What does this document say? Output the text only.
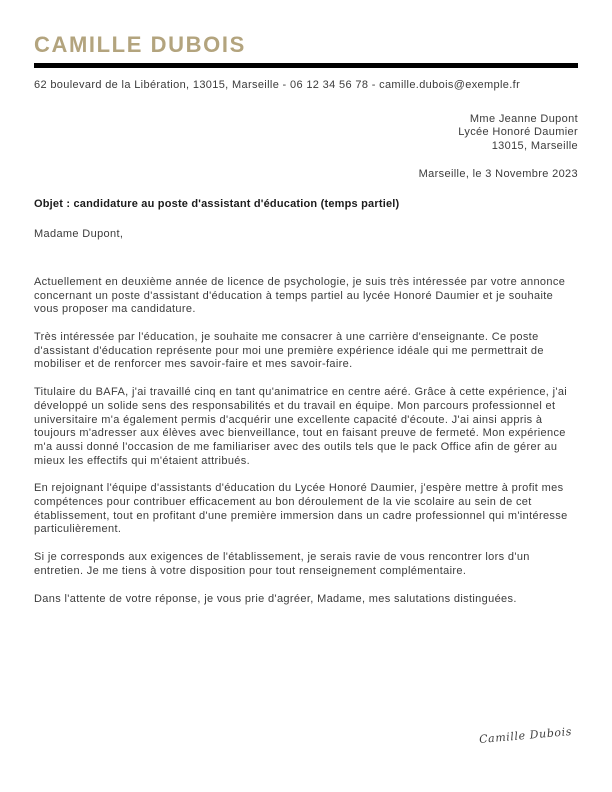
CAMILLE DUBOIS
62 boulevard de la Libération, 13015, Marseille - 06 12 34 56 78 - camille.dubois@exemple.fr
Mme Jeanne Dupont
Lycée Honoré Daumier
13015, Marseille
Marseille, le 3 Novembre 2023

Objet : candidature au poste d'assistant d'éducation (temps partiel)

Madame Dupont,

Actuellement en deuxième année de licence de psychologie, je suis très intéressée par votre annonce concernant un poste d'assistant d'éducation à temps partiel au lycée Honoré Daumier et je souhaite vous proposer ma candidature.

Très intéressée par l'éducation, je souhaite me consacrer à une carrière d'enseignante. Ce poste d'assistant d'éducation représente pour moi une première expérience idéale qui me permettrait de mobiliser et de renforcer mes savoir-faire et mes savoir-faire.

Titulaire du BAFA, j'ai travaillé cinq en tant qu'animatrice en centre aéré. Grâce à cette expérience, j'ai développé un solide sens des responsabilités et du travail en équipe. Mon parcours professionnel et universitaire m'a également permis d'acquérir une excellente capacité d'écoute. J'ai ainsi appris à toujours m'adresser aux élèves avec bienveillance, tout en faisant preuve de fermeté. Mon expérience m'a aussi donné l'occasion de me familiariser avec des outils tels que le pack Office afin de gérer au mieux les effectifs qui m'étaient attribués.

En rejoignant l'équipe d'assistants d'éducation du Lycée Honoré Daumier, j'espère mettre à profit mes compétences pour contribuer efficacement au bon déroulement de la vie scolaire au sein de cet établissement, tout en profitant d'une première immersion dans un cadre professionnel qui m'intéresse particulièrement.

Si je corresponds aux exigences de l'établissement, je serais ravie de vous rencontrer lors d'un entretien. Je me tiens à votre disposition pour tout renseignement complémentaire.

Dans l'attente de votre réponse, je vous prie d'agréer, Madame, mes salutations distinguées.

Camille Dubois
